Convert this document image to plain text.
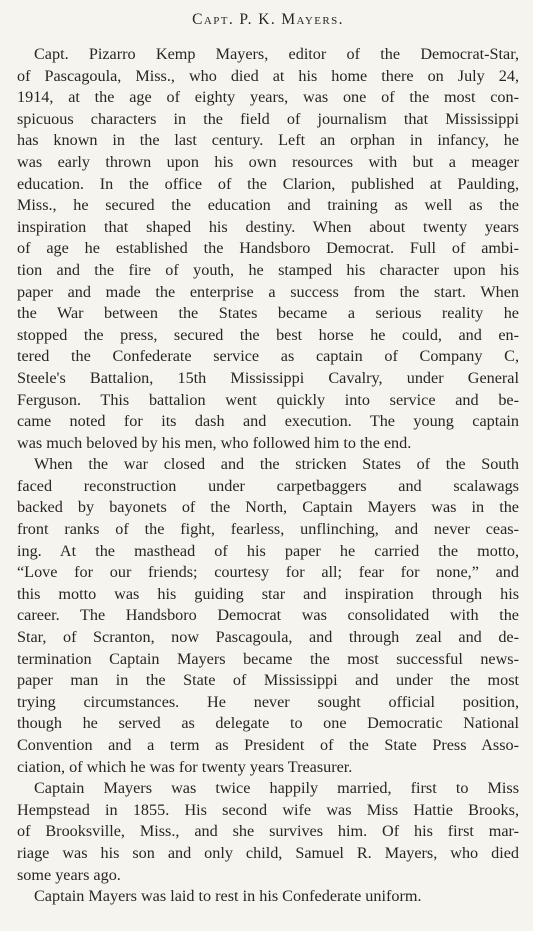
Capt. P. K. Mayers.
Capt. Pizarro Kemp Mayers, editor of the Democrat-Star,
of Pascagoula, Miss., who died at his home there on July 24,
1914, at the age of eighty years, was one of the most con-
spicuous characters in the field of journalism that Mississippi
has known in the last century. Left an orphan in infancy, he
was early thrown upon his own resources with but a meager
education. In the office of the Clarion, published at Paulding,
Miss., he secured the education and training as well as the
inspiration that shaped his destiny. When about twenty years
of age he established the Handsboro Democrat. Full of ambi-
tion and the fire of youth, he stamped his character upon his
paper and made the enterprise a success from the start. When
the War between the States became a serious reality he
stopped the press, secured the best horse he could, and en-
tered the Confederate service as captain of Company C,
Steele's Battalion, 15th Mississippi Cavalry, under General
Ferguson. This battalion went quickly into service and be-
came noted for its dash and execution. The young captain
was much beloved by his men, who followed him to the end.
When the war closed and the stricken States of the South
faced reconstruction under carpetbaggers and scalawags
backed by bayonets of the North, Captain Mayers was in the
front ranks of the fight, fearless, unflinching, and never ceas-
ing. At the masthead of his paper he carried the motto,
“Love for our friends; courtesy for all; fear for none,” and
this motto was his guiding star and inspiration through his
career. The Handsboro Democrat was consolidated with the
Star, of Scranton, now Pascagoula, and through zeal and de-
termination Captain Mayers became the most successful news-
paper man in the State of Mississippi and under the most
trying circumstances. He never sought official position,
though he served as delegate to one Democratic National
Convention and a term as President of the State Press Asso-
ciation, of which he was for twenty years Treasurer.
Captain Mayers was twice happily married, first to Miss
Hempstead in 1855. His second wife was Miss Hattie Brooks,
of Brooksville, Miss., and she survives him. Of his first mar-
riage was his son and only child, Samuel R. Mayers, who died
some years ago.
Captain Mayers was laid to rest in his Confederate uniform.
